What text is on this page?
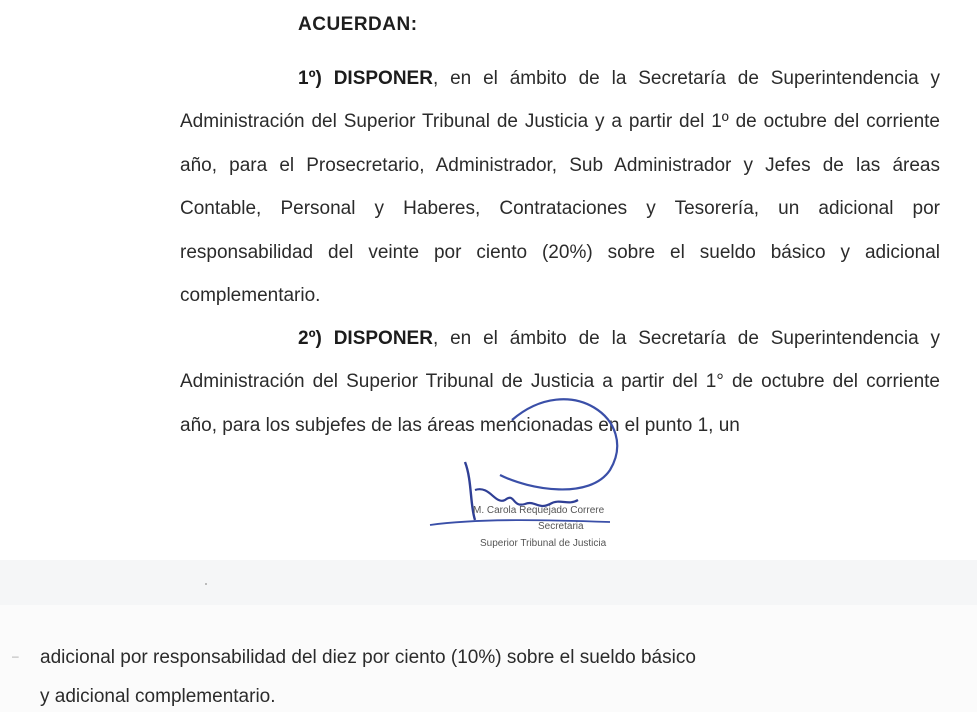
ACUERDAN:
1º) DISPONER, en el ámbito de la Secretaría de Superintendencia y Administración del Superior Tribunal de Justicia y a partir del 1º de octubre del corriente año, para el Prosecretario, Administrador, Sub Administrador y Jefes de las áreas Contable, Personal y Haberes, Contrataciones y Tesorería, un adicional por responsabilidad del veinte por ciento (20%) sobre el sueldo básico y adicional complementario.
2º) DISPONER, en el ámbito de la Secretaría de Superintendencia y Administración del Superior Tribunal de Justicia a partir del 1° de octubre del corriente año, para los subjefes de las áreas mencionadas en el punto 1, un
M. Carola Requejado Correre
Secretaria
Superior Tribunal de Justicia
– adicional por responsabilidad del diez por ciento (10%) sobre el sueldo básico
y adicional complementario.
